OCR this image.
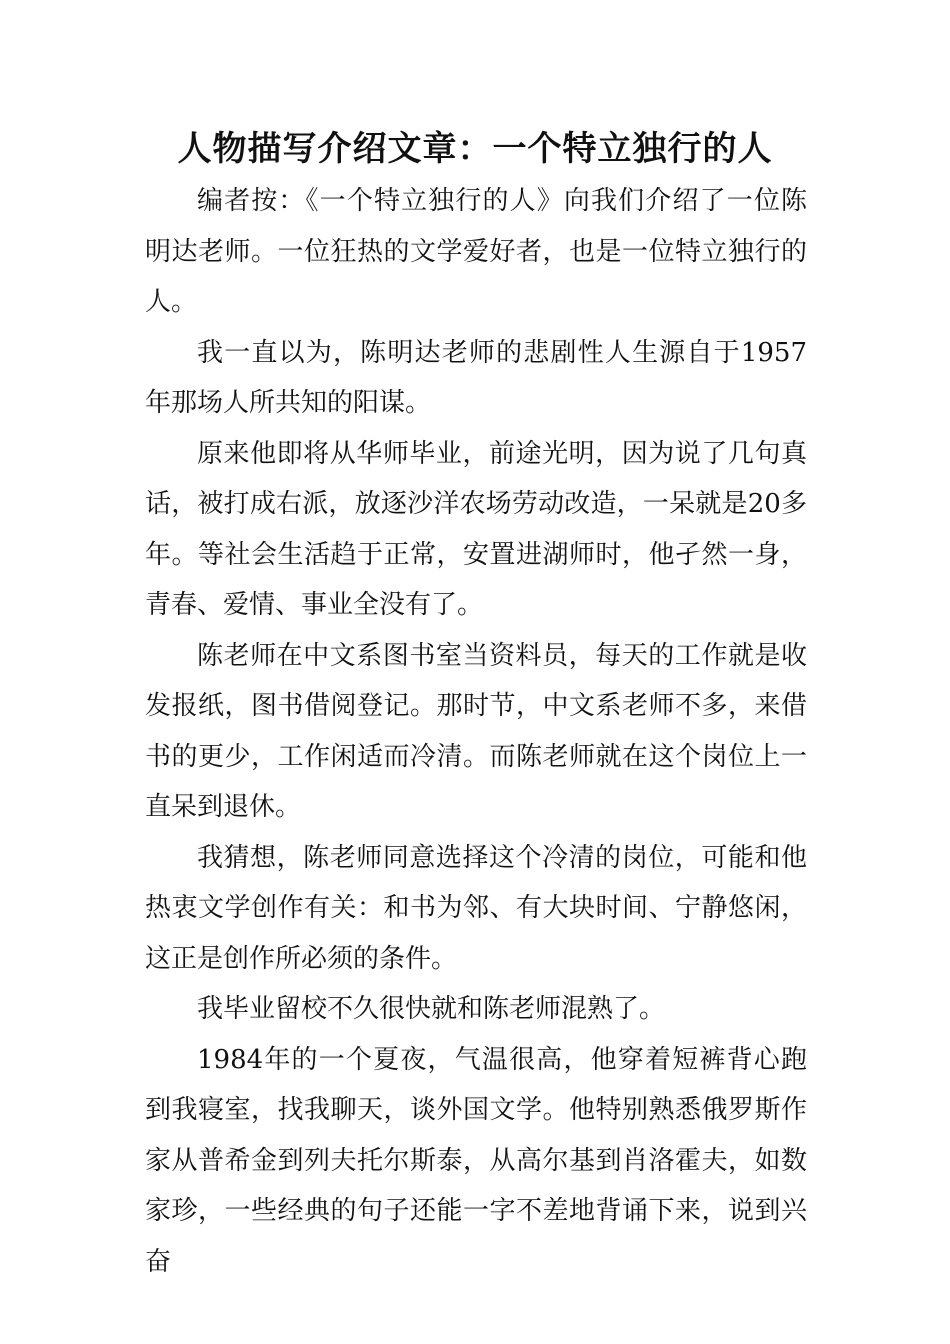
人物描写介绍文章：一个特立独行的人

编者按：《一个特立独行的人》向我们介绍了一位陈明达老师。一位狂热的文学爱好者，也是一位特立独行的人。

我一直以为，陈明达老师的悲剧性人生源自于1957年那场人所共知的阳谋。

原来他即将从华师毕业，前途光明，因为说了几句真话，被打成右派，放逐沙洋农场劳动改造，一呆就是20多年。等社会生活趋于正常，安置进湖师时，他孑然一身，青春、爱情、事业全没有了。

陈老师在中文系图书室当资料员，每天的工作就是收发报纸，图书借阅登记。那时节，中文系老师不多，来借书的更少，工作闲适而冷清。而陈老师就在这个岗位上一直呆到退休。

我猜想，陈老师同意选择这个冷清的岗位，可能和他热衷文学创作有关：和书为邻、有大块时间、宁静悠闲，这正是创作所必须的条件。

我毕业留校不久很快就和陈老师混熟了。

1984年的一个夏夜，气温很高，他穿着短裤背心跑到我寝室，找我聊天，谈外国文学。他特别熟悉俄罗斯作家从普希金到列夫托尔斯泰，从高尔基到肖洛霍夫，如数家珍，一些经典的句子还能一字不差地背诵下来，说到兴奋
